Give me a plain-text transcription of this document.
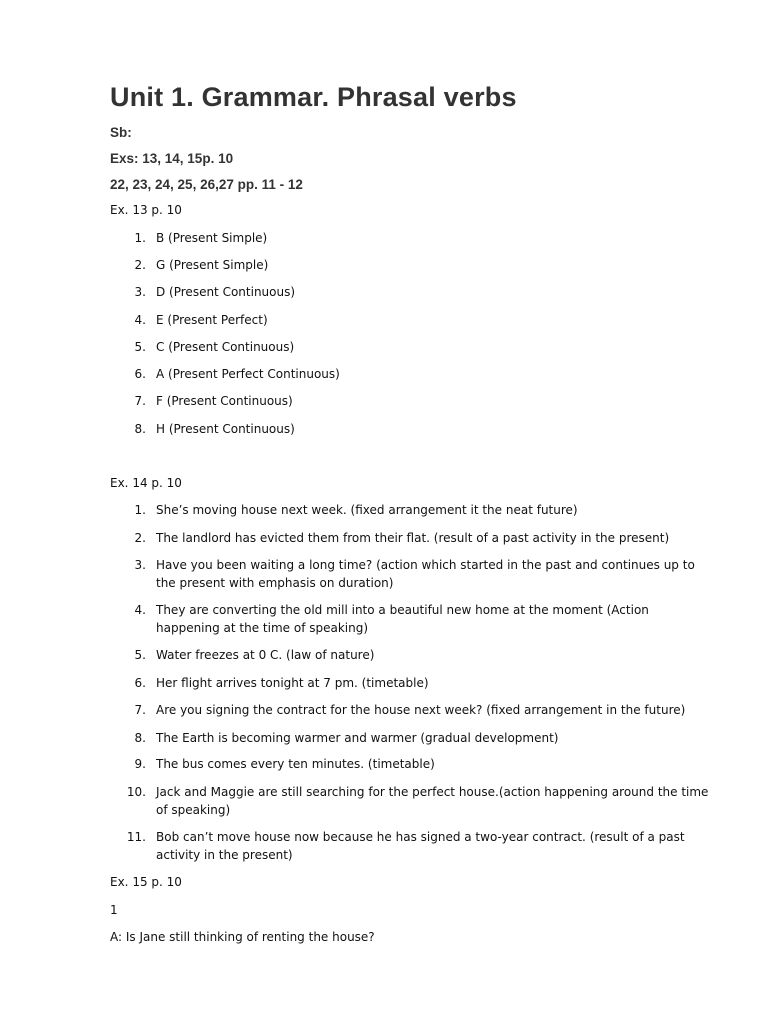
Unit 1. Grammar. Phrasal verbs
Sb:
Exs: 13, 14, 15p. 10
22, 23, 24, 25, 26,27 pp. 11 - 12
Ex. 13 p. 10
1. B (Present Simple)
2. G (Present Simple)
3. D (Present Continuous)
4. E (Present Perfect)
5. C (Present Continuous)
6. A (Present Perfect Continuous)
7. F (Present Continuous)
8. H (Present Continuous)
Ex. 14 p. 10
1. She’s moving house next week. (fixed arrangement it the neat future)
2. The landlord has evicted them from their flat. (result of a past activity in the present)
3. Have you been waiting a long time? (action which started in the past and continues up to the present with emphasis on duration)
4. They are converting the old mill into a beautiful new home at the moment (Action happening at the time of speaking)
5. Water freezes at 0 C. (law of nature)
6. Her flight arrives tonight at 7 pm. (timetable)
7. Are you signing the contract for the house next week? (fixed arrangement in the future)
8. The Earth is becoming warmer and warmer (gradual development)
9. The bus comes every ten minutes. (timetable)
10. Jack and Maggie are still searching for the perfect house.(action happening around the time of speaking)
11. Bob can’t move house now because he has signed a two-year contract. (result of a past activity in the present)
Ex. 15 p. 10
1
A: Is Jane still thinking of renting the house?
